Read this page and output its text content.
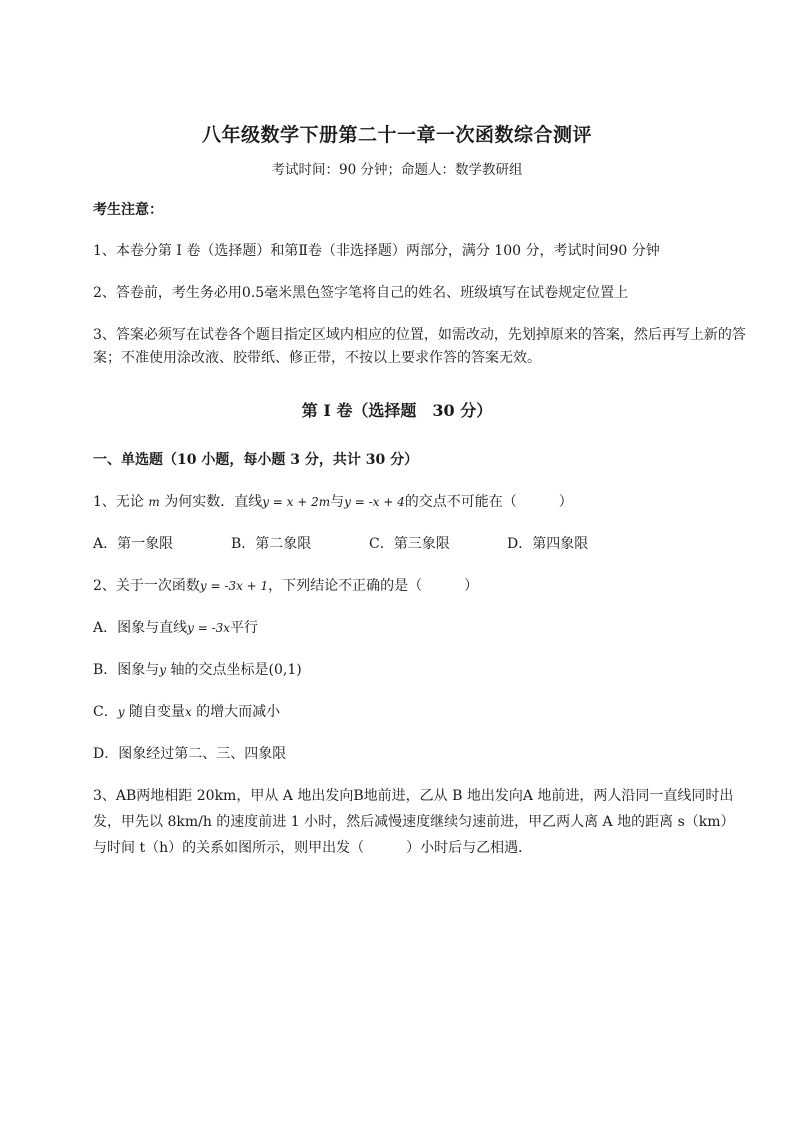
八年级数学下册第二十一章一次函数综合测评
考试时间：90 分钟；命题人：数学教研组
考生注意：
1、本卷分第 I 卷（选择题）和第Ⅱ卷（非选择题）两部分，满分 100 分，考试时间90 分钟
2、答卷前，考生务必用0.5毫米黑色签字笔将自己的姓名、班级填写在试卷规定位置上
3、答案必须写在试卷各个题目指定区域内相应的位置，如需改动，先划掉原来的答案，然后再写上新的答案；不准使用涂改液、胶带纸、修正带，不按以上要求作答的答案无效。
第 I 卷（选择题　30 分）
一、单选题（10 小题，每小题 3 分，共计 30 分）
1、无论 m 为何实数．直线y = x + 2m与y = -x + 4的交点不可能在（　　　）
A．第一象限	B．第二象限	C．第三象限	D．第四象限
2、关于一次函数y = -3x + 1，下列结论不正确的是（　　　）
A．图象与直线y = -3x平行
B．图象与y 轴的交点坐标是(0,1)
C．y 随自变量x 的增大而减小
D．图象经过第二、三、四象限
3、AB两地相距 20km，甲从 A 地出发向B地前进，乙从 B 地出发向A 地前进，两人沿同一直线同时出
发，甲先以 8km/h 的速度前进 1 小时，然后减慢速度继续匀速前进，甲乙两人离 A 地的距离 s（km）
与时间 t（h）的关系如图所示，则甲出发（　　　）小时后与乙相遇．
